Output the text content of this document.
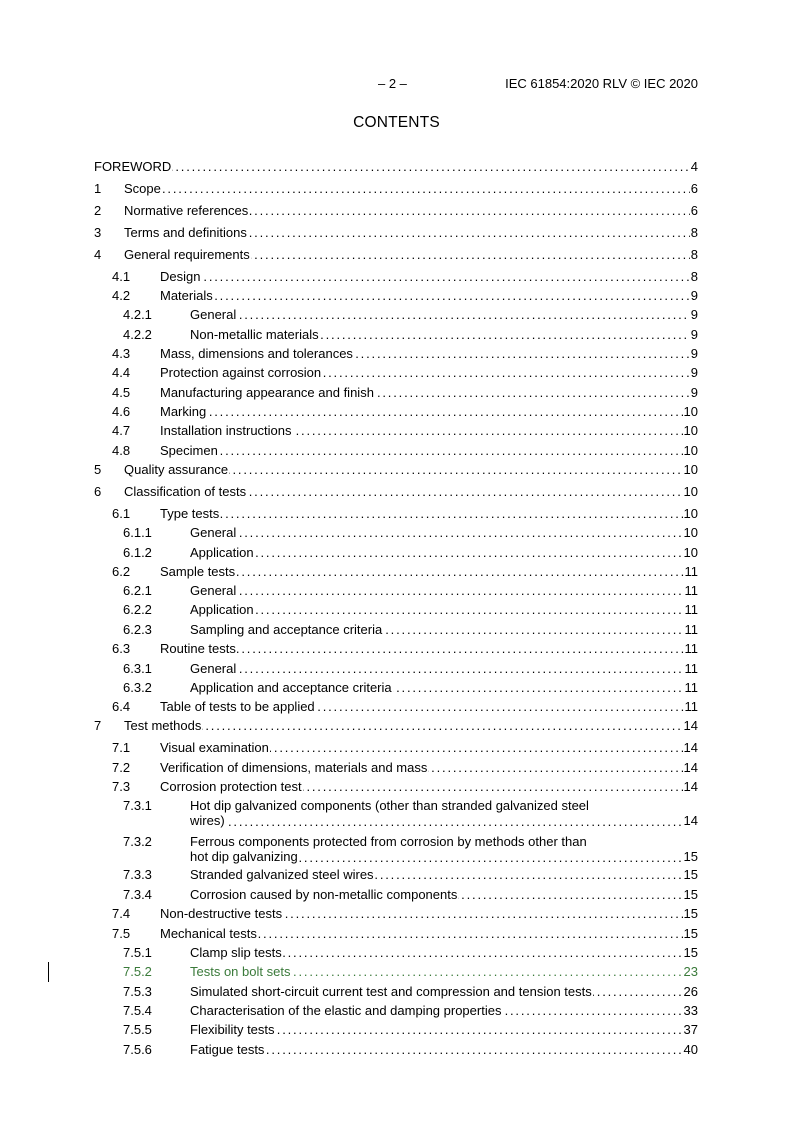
– 2 –	IEC 61854:2020 RLV © IEC 2020
CONTENTS
FOREWORD	4
. . .
1 Scope	6
. . .
2 Normative references	6
. . .
3 Terms and definitions	8
. . .
4 General requirements	8
. . .
4.1 Design	8
. . .
4.2 Materials	9
. . .
4.2.1	General	9
. . .
4.2.2	Non-metallic materials	9
. . .
4.3 Mass, dimensions and tolerances	9
. . .
4.4 Protection against corrosion	9
. . .
4.5 Manufacturing appearance and finish	9
. . .
4.6 Marking	10
. . .
4.7 Installation instructions	10
. . .
4.8 Specimen	10
. . .
5 Quality assurance	10
. . .
6 Classification of tests	10
. . .
6.1 Type tests	10
. . .
6.1.1	General	10
. . .
6.1.2	Application	10
. . .
6.2 Sample tests	11
. . .
6.2.1	General	11
. . .
6.2.2	Application	11
. . .
6.2.3	Sampling and acceptance criteria	11
. . .
6.3 Routine tests	11
. . .
6.3.1	General	11
. . .
6.3.2	Application and acceptance criteria	11
. . .
6.4 Table of tests to be applied	11
. . .
7 Test methods	14
. . .
7.1 Visual examination	14
. . .
7.2 Verification of dimensions, materials and mass	14
. . .
7.3 Corrosion protection test	14
. . .
7.3.1	Hot dip galvanized components (other than stranded galvanized steel
wires)	14
. . .
7.3.2	Ferrous components protected from corrosion by methods other than
hot dip galvanizing	15
. . .
7.3.3	Stranded galvanized steel wires	15
. . .
7.3.4	Corrosion caused by non-metallic components	15
. . .
7.4 Non-destructive tests	15
. . .
7.5 Mechanical tests	15
. . .
7.5.1	Clamp slip tests	15
. . .
7.5.2	Tests on bolt sets	23
. . .
7.5.3	Simulated short-circuit current test and compression and tension tests	26
. . .
7.5.4	Characterisation of the elastic and damping properties	33
. . .
7.5.5	Flexibility tests	37
. . .
7.5.6	Fatigue tests	40
. . .
